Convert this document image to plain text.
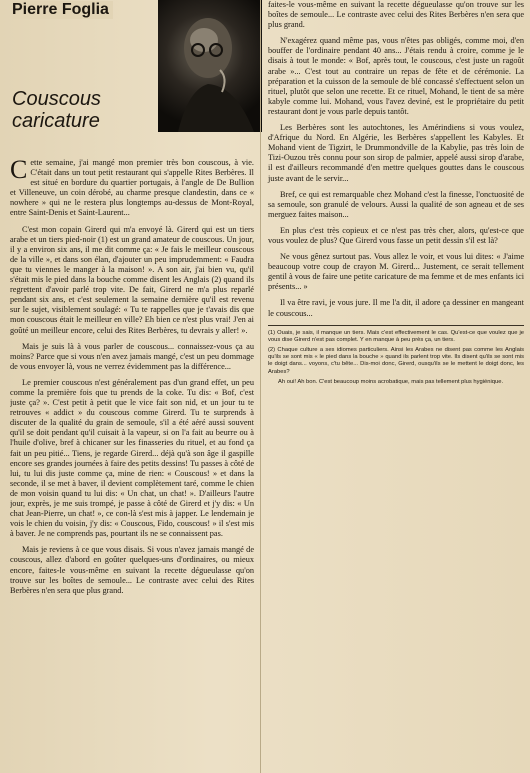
Pierre Foglia
Couscous
caricature

Cette semaine, j'ai mangé mon premier très bon couscous, à vie. C'était dans un tout petit restaurant qui s'appelle Rites Berbères. Il est situé en bordure du quartier portugais, à l'angle de De Bullion et Villeneuve, un coin dérobé, au charme presque clandestin, dans ce « nowhere » qui ne le restera plus longtemps au-dessus de Mont-Royal, entre Saint-Denis et Saint-Laurent...

C'est mon copain Girerd qui m'a envoyé là. Girerd qui est un tiers arabe et un tiers pied-noir (1) est un grand amateur de couscous. Un jour, il y a environ six ans, il me dit comme ça: « Je fais le meilleur couscous de la ville », et dans son élan, d'ajouter un peu imprudemment: « Faudra que tu viennes le manger à la maison! ». A son air, j'ai bien vu, qu'il s'était mis le pied dans la bouche comme disent les Anglais (2) quand ils regrettent d'avoir parlé trop vite. De fait, Girerd ne m'a plus reparlé pendant six ans, et c'est seulement la semaine dernière qu'il est revenu sur le sujet, visiblement soulagé: « Tu te rappelles que je t'avais dis que mon couscous était le meilleur en ville? Eh bien ce n'est plus vrai! J'en ai goûté un meilleur encore, celui des Rites Berbères, tu devrais y aller! ».

Mais je suis là à vous parler de couscous... connaissez-vous ça au moins? Parce que si vous n'en avez jamais mangé, c'est un peu dommage de vous envoyer là, vous ne verrez évidemment pas la différence...

Le premier couscous n'est généralement pas d'un grand effet, un peu comme la première fois que tu prends de la coke. Tu dis: « Bof, c'est juste ça? ». C'est petit à petit que le vice fait son nid, et un jour tu te retrouves « addict » du couscous comme Girerd. Tu te surprends à discuter de la qualité du grain de semoule, s'il a été aéré aussi souvent qu'il se doit pendant qu'il cuisait à la vapeur, si on l'a fait au beurre ou à l'huile d'olive, bref à chicaner sur les finasseries du rituel, et au fond ça fait un peu pitié... Tiens, je regarde Girerd... déjà qu'à son âge il gaspille encore ses grandes journées à faire des petits dessins! Tu passes à côté de lui, tu lui dis juste comme ça, mine de rien: « Couscous! » et dans la seconde, il se met à baver, il devient complètement taré, comme le chien de mon voisin quand tu lui dis: « Un chat, un chat! ». D'ailleurs l'autre jour, exprès, je me suis trompé, je passe à côté de Girerd et j'y dis: « Un chat Jean-Pierre, un chat! », ce con-là s'est mis à japper. Le lendemain je vois le chien du voisin, j'y dis: « Couscous, Fido, couscous! » il s'est mis à baver. Je ne comprends pas, pourtant ils ne se connaissent pas.

Mais je reviens à ce que vous disais. Si vous n'avez jamais mangé de couscous, allez d'abord en goûter quelques-uns d'ordinaires, ou mieux encore, faites-le vous-même en suivant la recette dégueulasse qu'on trouve sur les boîtes de semoule... Le contraste avec celui des Rites Berbères n'en sera que plus grand.

faites-le vous-même en suivant la recette dégueulasse qu'on trouve sur les boîtes de semoule... Le contraste avec celui des Rites Berbères n'en sera que plus grand.

N'exagérez quand même pas, vous n'êtes pas obligés, comme moi, d'en bouffer de l'ordinaire pendant 40 ans... J'étais rendu à croire, comme je le disais à tout le monde: « Bof, après tout, le couscous, c'est juste un ragoût arabe »... C'est tout au contraire un repas de fête et de cérémonie. La préparation et la cuisson de la semoule de blé concassé s'effectuent selon un rituel, plutôt que selon une recette. Et ce rituel, Mohand, le tient de sa mère kabyle comme lui. Mohand, vous l'avez deviné, est le propriétaire du petit restaurant dont je vous parle depuis tantôt.

Les Berbères sont les autochtones, les Amérindiens si vous voulez, d'Afrique du Nord. En Algérie, les Berbères s'appellent les Kabyles. Et Mohand vient de Tigzirt, le Drummondville de la Kabylie, pas très loin de Tizi-Ouzou très connu pour son sirop de palmier, appelé aussi sirop d'arabe, il est d'ailleurs recommandé d'en mettre quelques gouttes dans le couscous juste avant de le servir...

Bref, ce qui est remarquable chez Mohand c'est la finesse, l'onctuosité de sa semoule, son granulé de velours. Aussi la qualité de son agneau et de ses merguez faites maison...

En plus c'est très copieux et ce n'est pas très cher, alors, qu'est-ce que vous voulez de plus? Que Girerd vous fasse un petit dessin s'il est là?

Ne vous gênez surtout pas. Vous allez le voir, et vous lui dites: « J'aime beaucoup votre coup de crayon M. Girerd... Justement, ce serait tellement gentil à vous de faire une petite caricature de ma femme et de mes enfants ici présents... »

Il va être ravi, je vous jure. Il me l'a dit, il adore ça dessiner en mangeant le couscous...

(1) Ouais, je sais, il manque un tiers. Mais c'est effectivement le cas. Qu'est-ce que voulez que je vous dise Girerd n'est pas complet. Y en manque à peu près ça, un tiers.

(2) Chaque culture a ses idiomes particuliers. Ainsi les Arabes ne disent pas comme les Anglais qu'ils se sont mis « le pied dans la bouche » quand ils parlent trop vite. Ils disent qu'ils se sont mis le doigt dans... voyons, c'tu bête... Dis-moi donc, Girerd, ousqu'ils se le mettent le doigt donc, les Arabes?

Ah oui! Ah bon. C'est beaucoup moins acrobatique, mais pas tellement plus hygiénique.
